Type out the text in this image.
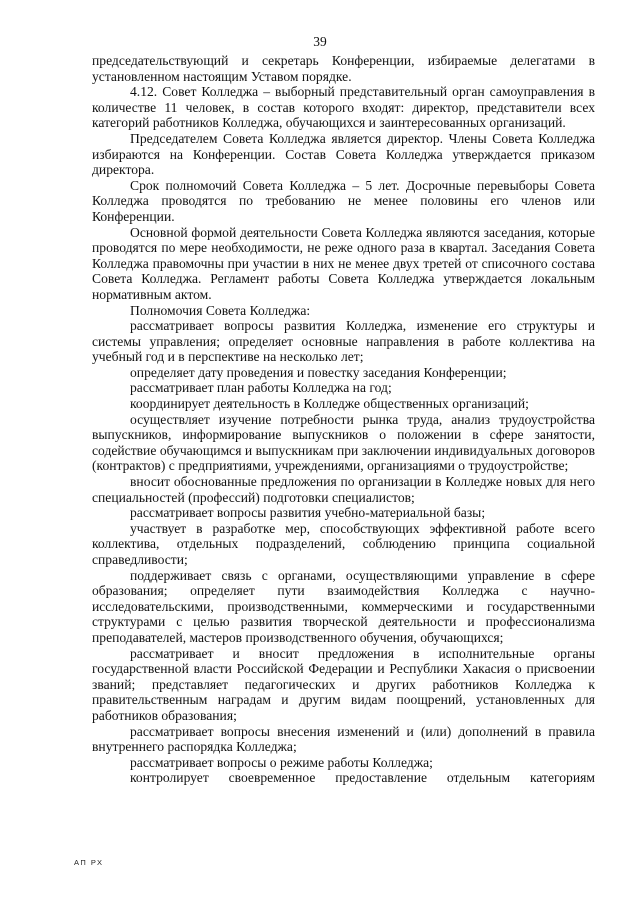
39

председательствующий и секретарь Конференции, избираемые делегатами в установленном настоящим Уставом порядке.

4.12. Совет Колледжа – выборный представительный орган самоуправления в количестве 11 человек, в состав которого входят: директор, представители всех категорий работников Колледжа, обучающихся и заинтересованных организаций.

Председателем Совета Колледжа является директор. Члены Совета Колледжа избираются на Конференции. Состав Совета Колледжа утверждается приказом директора.

Срок полномочий Совета Колледжа – 5 лет. Досрочные перевыборы Совета Колледжа проводятся по требованию не менее половины его членов или Конференции.

Основной формой деятельности Совета Колледжа являются заседания, которые проводятся по мере необходимости, не реже одного раза в квартал. Заседания Совета Колледжа правомочны при участии в них не менее двух третей от списочного состава Совета Колледжа. Регламент работы Совета Колледжа утверждается локальным нормативным актом.

Полномочия Совета Колледжа:

рассматривает вопросы развития Колледжа, изменение его структуры и системы управления; определяет основные направления в работе коллектива на учебный год и в перспективе на несколько лет;

определяет дату проведения и повестку заседания Конференции;

рассматривает план работы Колледжа на год;

координирует деятельность в Колледже общественных организаций;

осуществляет изучение потребности рынка труда, анализ трудоустройства выпускников, информирование выпускников о положении в сфере занятости, содействие обучающимся и выпускникам при заключении индивидуальных договоров (контрактов) с предприятиями, учреждениями, организациями о трудоустройстве;

вносит обоснованные предложения по организации в Колледже новых для него специальностей (профессий) подготовки специалистов;

рассматривает вопросы развития учебно-материальной базы;

участвует в разработке мер, способствующих эффективной работе всего коллектива, отдельных подразделений, соблюдению принципа социальной справедливости;

поддерживает связь с органами, осуществляющими управление в сфере образования; определяет пути взаимодействия Колледжа с научно-исследовательскими, производственными, коммерческими и государственными структурами с целью развития творческой деятельности и профессионализма преподавателей, мастеров производственного обучения, обучающихся;

рассматривает и вносит предложения в исполнительные органы государственной власти Российской Федерации и Республики Хакасия о присвоении званий; представляет педагогических и других работников Колледжа к правительственным наградам и другим видам поощрений, установленных для работников образования;

рассматривает вопросы внесения изменений и (или) дополнений в правила внутреннего распорядка Колледжа;

рассматривает вопросы о режиме работы Колледжа;

контролирует своевременное предоставление отдельным категориям

АП РХ
